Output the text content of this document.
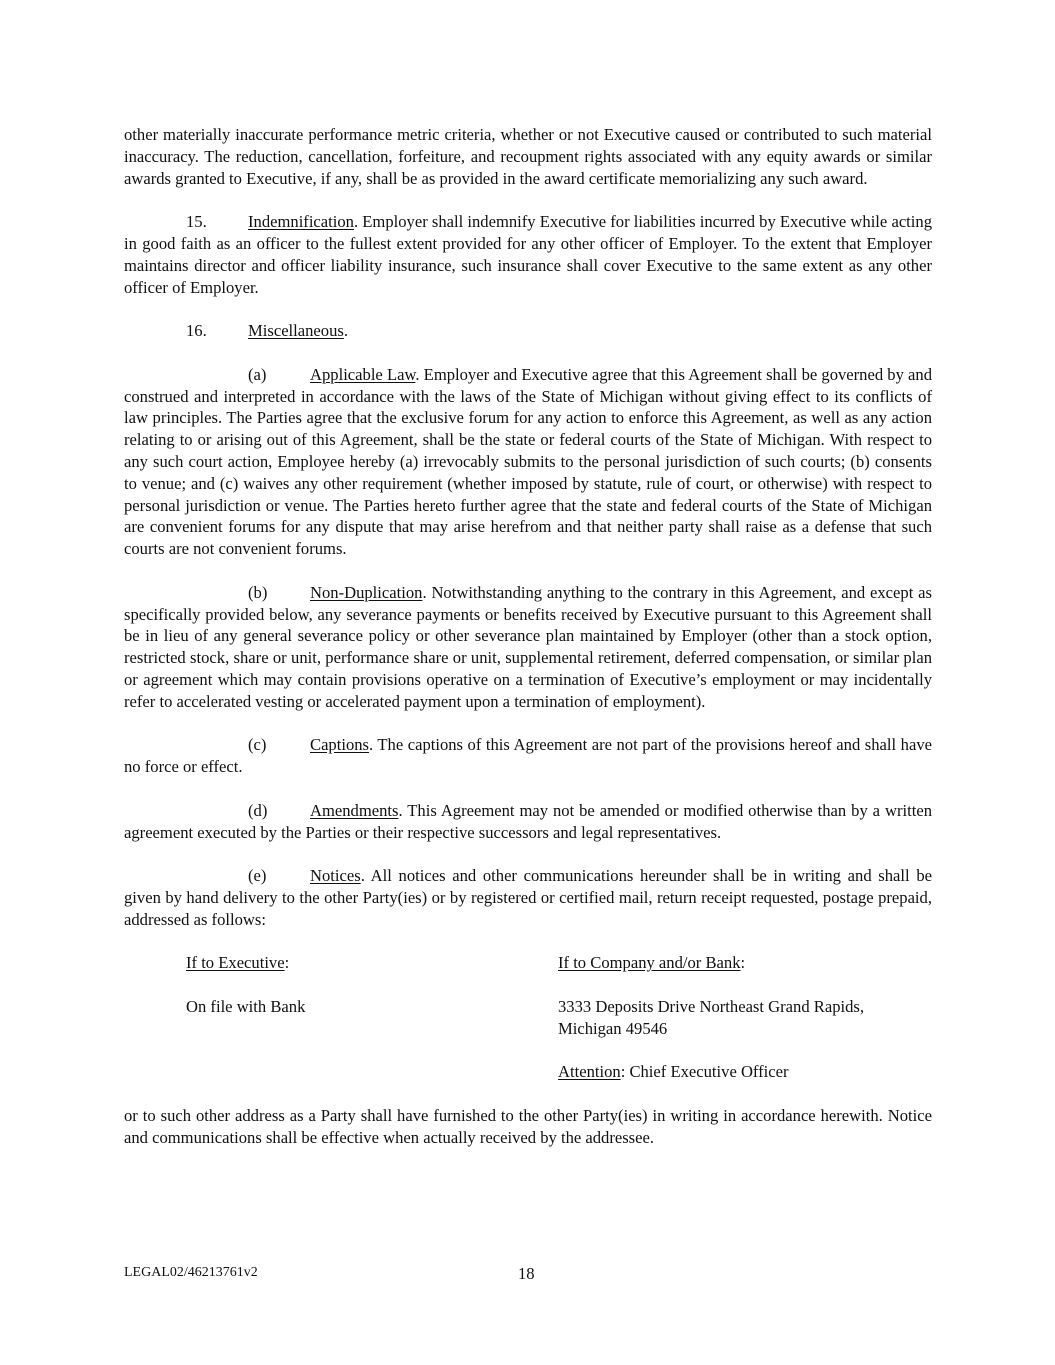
other materially inaccurate performance metric criteria, whether or not Executive caused or contributed to such material inaccuracy. The reduction, cancellation, forfeiture, and recoupment rights associated with any equity awards or similar awards granted to Executive, if any, shall be as provided in the award certificate memorializing any such award.

15. Indemnification. Employer shall indemnify Executive for liabilities incurred by Executive while acting in good faith as an officer to the fullest extent provided for any other officer of Employer. To the extent that Employer maintains director and officer liability insurance, such insurance shall cover Executive to the same extent as any other officer of Employer.

16. Miscellaneous.

(a)	Applicable Law. Employer and Executive agree that this Agreement shall be governed by and construed and interpreted in accordance with the laws of the State of Michigan without giving effect to its conflicts of law principles. The Parties agree that the exclusive forum for any action to enforce this Agreement, as well as any action relating to or arising out of this Agreement, shall be the state or federal courts of the State of Michigan. With respect to any such court action, Employee hereby (a) irrevocably submits to the personal jurisdiction of such courts; (b) consents to venue; and (c) waives any other requirement (whether imposed by statute, rule of court, or otherwise) with respect to personal jurisdiction or venue. The Parties hereto further agree that the state and federal courts of the State of Michigan are convenient forums for any dispute that may arise herefrom and that neither party shall raise as a defense that such courts are not convenient forums.

(b)	Non-Duplication. Notwithstanding anything to the contrary in this Agreement, and except as specifically provided below, any severance payments or benefits received by Executive pursuant to this Agreement shall be in lieu of any general severance policy or other severance plan maintained by Employer (other than a stock option, restricted stock, share or unit, performance share or unit, supplemental retirement, deferred compensation, or similar plan or agreement which may contain provisions operative on a termination of Executive’s employment or may incidentally refer to accelerated vesting or accelerated payment upon a termination of employment).

(c)	Captions. The captions of this Agreement are not part of the provisions hereof and shall have no force or effect.

(d)	Amendments. This Agreement may not be amended or modified otherwise than by a written agreement executed by the Parties or their respective successors and legal representatives.

(e)	Notices. All notices and other communications hereunder shall be in writing and shall be given by hand delivery to the other Party(ies) or by registered or certified mail, return receipt requested, postage prepaid, addressed as follows:

If to Executive:
On file with Bank
If to Company and/or Bank:
3333 Deposits Drive Northeast Grand Rapids,
Michigan 49546
Attention: Chief Executive Officer

or to such other address as a Party shall have furnished to the other Party(ies) in writing in accordance herewith. Notice and communications shall be effective when actually received by the addressee.

LEGAL02/46213761v2	18
